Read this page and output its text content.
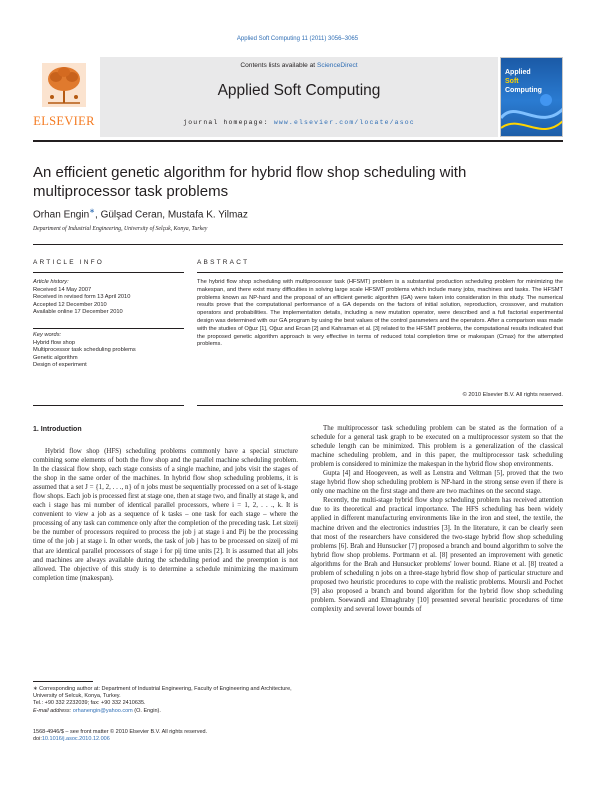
Applied Soft Computing 11 (2011) 3056–3065
ELSEVIER
Contents lists available at ScienceDirect
Applied Soft Computing
journal homepage: www.elsevier.com/locate/asoc
Applied
Soft
Computing
An efficient genetic algorithm for hybrid flow shop scheduling with multiprocessor task problems
Orhan Engin∗, Gülşad Ceran, Mustafa K. Yilmaz
Department of Industrial Engineering, University of Selçuk, Konya, Turkey
ARTICLE INFO	ABSTRACT
Article history:
Received 14 May 2007
Received in revised form 13 April 2010
Accepted 12 December 2010
Available online 17 December 2010
Key words:
Hybrid flow shop
Multiprocessor task scheduling problems
Genetic algorithm
Design of experiment
The hybrid flow shop scheduling with multiprocessor task (HFSMT) problem is a substantial production scheduling problem for minimizing the makespan, and there exist many difficulties in solving large scale HFSMT problems which include many jobs, machines and tasks. The HFSMT problems known as NP-hard and the proposal of an efficient genetic algorithm (GA) were taken into consideration in this study. The numerical results prove that the computational performance of a GA depends on the factors of initial solution, reproduction, crossover, and mutation operators and probabilities. The implementation details, including a new mutation operator, were described and a full factorial experimental design was determined with our GA program by using the best values of the control parameters and the operators. After a comparison was made with the studies of Oğuz [1], Oğuz and Ercan [2] and Kahraman et al. [3] related to the HFSMT problems, the computational results indicated that the proposed genetic algorithm approach is very effective in terms of reduced total completion time or makespan (Cmax) for the attempted problems.
© 2010 Elsevier B.V. All rights reserved.
1. Introduction

Hybrid flow shop (HFS) scheduling problems commonly have a special structure combining some elements of both the flow shop and the parallel machine scheduling problem. In the classical flow shop, each stage consists of a single machine, and jobs visit the stages of the shop in the same order of the machines. In hybrid flow shop scheduling problems, it is assumed that a set J = {1, 2, . . ., n} of n jobs must be sequentially processed on a set of k-stage flow shops. Each job is processed first at stage one, then at stage two, and finally at stage k, and each i stage has mi number of identical parallel processors, where i = 1, 2, . . ., k. It is convenient to view a job as a sequence of k tasks – one task for each stage – where the processing of any task can commence only after the completion of the preceding task. Let sizeij be the number of processors required to process the job j at stage i and Pij be the processing time of the job j at stage i. In other words, the task of job j has to be processed on sizeij of mi that are identical parallel processors of stage i for pij time units [2]. It is assumed that all jobs and machines are always available during the scheduling period and the preemption is not allowed. The objective of this study is to determine a schedule minimizing the maximum completion time (makespan).

The multiprocessor task scheduling problem can be stated as the formation of a schedule for a general task graph to be executed on a multiprocessor system so that the schedule length can be minimized. This problem is a generalization of the classical machine scheduling problem, and in this paper, the multiprocessor task scheduling problem is considered to minimize the makespan in the hybrid flow shop environments.

Gupta [4] and Hoogeveen, as well as Lenstra and Veltman [5], proved that the two stage hybrid flow shop scheduling problem is NP-hard in the strong sense even if there is only one machine on the first stage and there are two machines on the second stage.

Recently, the multi-stage hybrid flow shop scheduling problem has received attention due to its theoretical and practical importance. The HFS scheduling has been widely applied in different manufacturing environments like in the iron and steel, the textile, the machine driven and the electronics industries [3]. In the literature, it can be clearly seen that most of the researchers have considered the two-stage hybrid flow shop scheduling problems [6]. Brah and Hunsucker [7] proposed a branch and bound algorithm to solve the hybrid flow shop problems. Portmann et al. [8] presented an improvement with genetic algorithms for the Brah and Hunsucker problems' lower bound. Riane et al. [8] treated a problem of scheduling n jobs on a three-stage hybrid flow shop of particular structure and proposed two heuristic procedures to cope with the realistic problems. Moursli and Pochet [9] also proposed a branch and bound algorithm for the hybrid flow shop scheduling problem. Soewandi and Elmaghraby [10] presented several heuristic procedures of time complexity and several lower bounds of

∗ Corresponding author at: Department of Industrial Engineering, Faculty of Engineering and Architecture, University of Selcuk, Konya, Turkey.
Tel.: +90 332 2232039; fax: +90 332 2410635.
E-mail address: orhanengin@yahoo.com (O. Engin).
1568-4946/$ – see front matter © 2010 Elsevier B.V. All rights reserved.
doi:10.1016/j.asoc.2010.12.006
